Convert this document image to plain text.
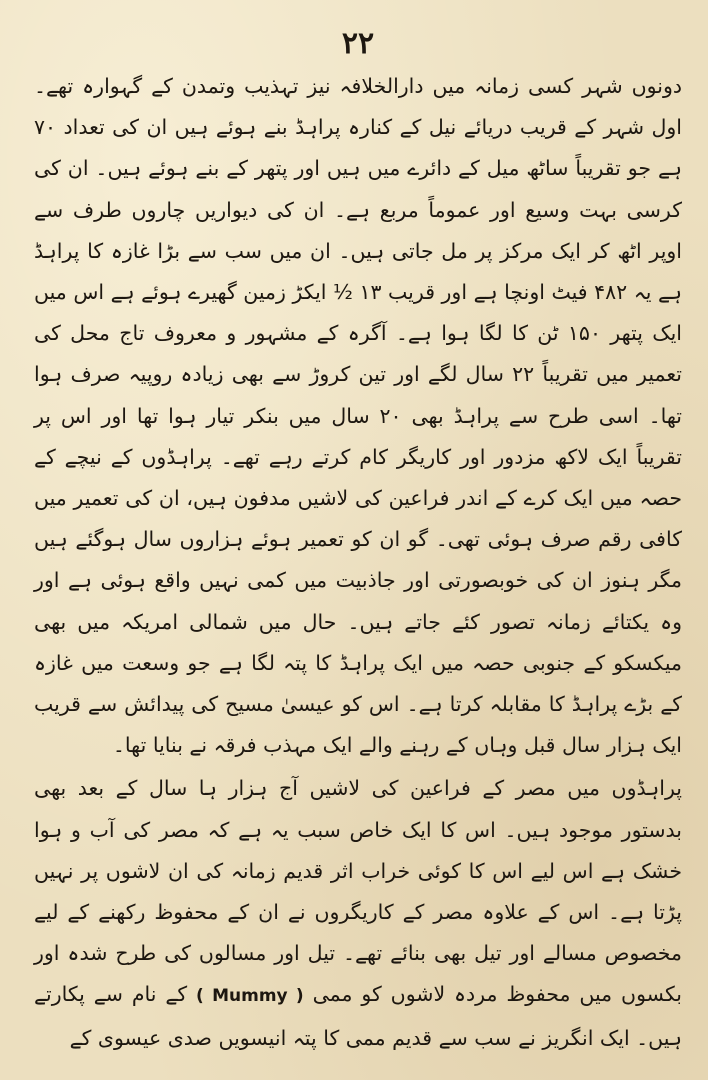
۲۲

دونوں شہر کسی زمانہ میں دارالخلافہ نیز تہذیب وتمدن کے گہوارہ تھے۔ اول شہر کے قریب دریائے نیل کے کنارہ پراہڈ بنے ہوئے ہیں ان کی تعداد ۷۰ ہے جو تقریباً ساٹھ میل کے دائرے میں ہیں اور پتھر کے بنے ہوئے ہیں۔ ان کی کرسی بہت وسیع اور عموماً مربع ہے۔ ان کی دیواریں چاروں طرف سے اوپر اٹھ کر ایک مرکز پر مل جاتی ہیں۔ ان میں سب سے بڑا غازہ کا پراہڈ ہے یہ ۴۸۲ فیٹ اونچا ہے اور قریب ۱۳ ½ ایکڑ زمین گھیرے ہوئے ہے اس میں ایک پتھر ۱۵۰ ٹن کا لگا ہوا ہے۔ آگرہ کے مشہور و معروف تاج محل کی تعمیر میں تقریباً ۲۲ سال لگے اور تین کروڑ سے بھی زیادہ روپیہ صرف ہوا تھا۔ اسی طرح سے پراہڈ بھی ۲۰ سال میں بنکر تیار ہوا تھا اور اس پر تقریباً ایک لاکھ مزدور اور کاریگر کام کرتے رہے تھے۔ پراہڈوں کے نیچے کے حصہ میں ایک کرے کے اندر فراعین کی لاشیں مدفون ہیں، ان کی تعمیر میں کافی رقم صرف ہوئی تھی۔ گو ان کو تعمیر ہوئے ہزاروں سال ہوگئے ہیں مگر ہنوز ان کی خوبصورتی اور جاذبیت میں کمی نہیں واقع ہوئی ہے اور وہ یکتائے زمانہ تصور کئے جاتے ہیں۔ حال میں شمالی امریکہ میں بھی میکسکو کے جنوبی حصہ میں ایک پراہڈ کا پتہ لگا ہے جو وسعت میں غازہ کے بڑے پراہڈ کا مقابلہ کرتا ہے۔ اس کو عیسیٰ مسیح کی پیدائش سے قریب ایک ہزار سال قبل وہاں کے رہنے والے ایک مہذب فرقہ نے بنایا تھا۔

پراہڈوں میں مصر کے فراعین کی لاشیں آج ہزار ہا سال کے بعد بھی بدستور موجود ہیں۔ اس کا ایک خاص سبب یہ ہے کہ مصر کی آب و ہوا خشک ہے اس لیے اس کا کوئی خراب اثر قدیم زمانہ کی ان لاشوں پر نہیں پڑتا ہے۔ اس کے علاوہ مصر کے کاریگروں نے ان کے محفوظ رکھنے کے لیے مخصوص مسالے اور تیل بھی بنائے تھے۔ تیل اور مسالوں کی طرح شدہ اور بکسوں میں محفوظ مردہ لاشوں کو ممی ( Mummy ) کے نام سے پکارتے ہیں۔ ایک انگریز نے سب سے قدیم ممی کا پتہ انیسویں صدی عیسوی کے
